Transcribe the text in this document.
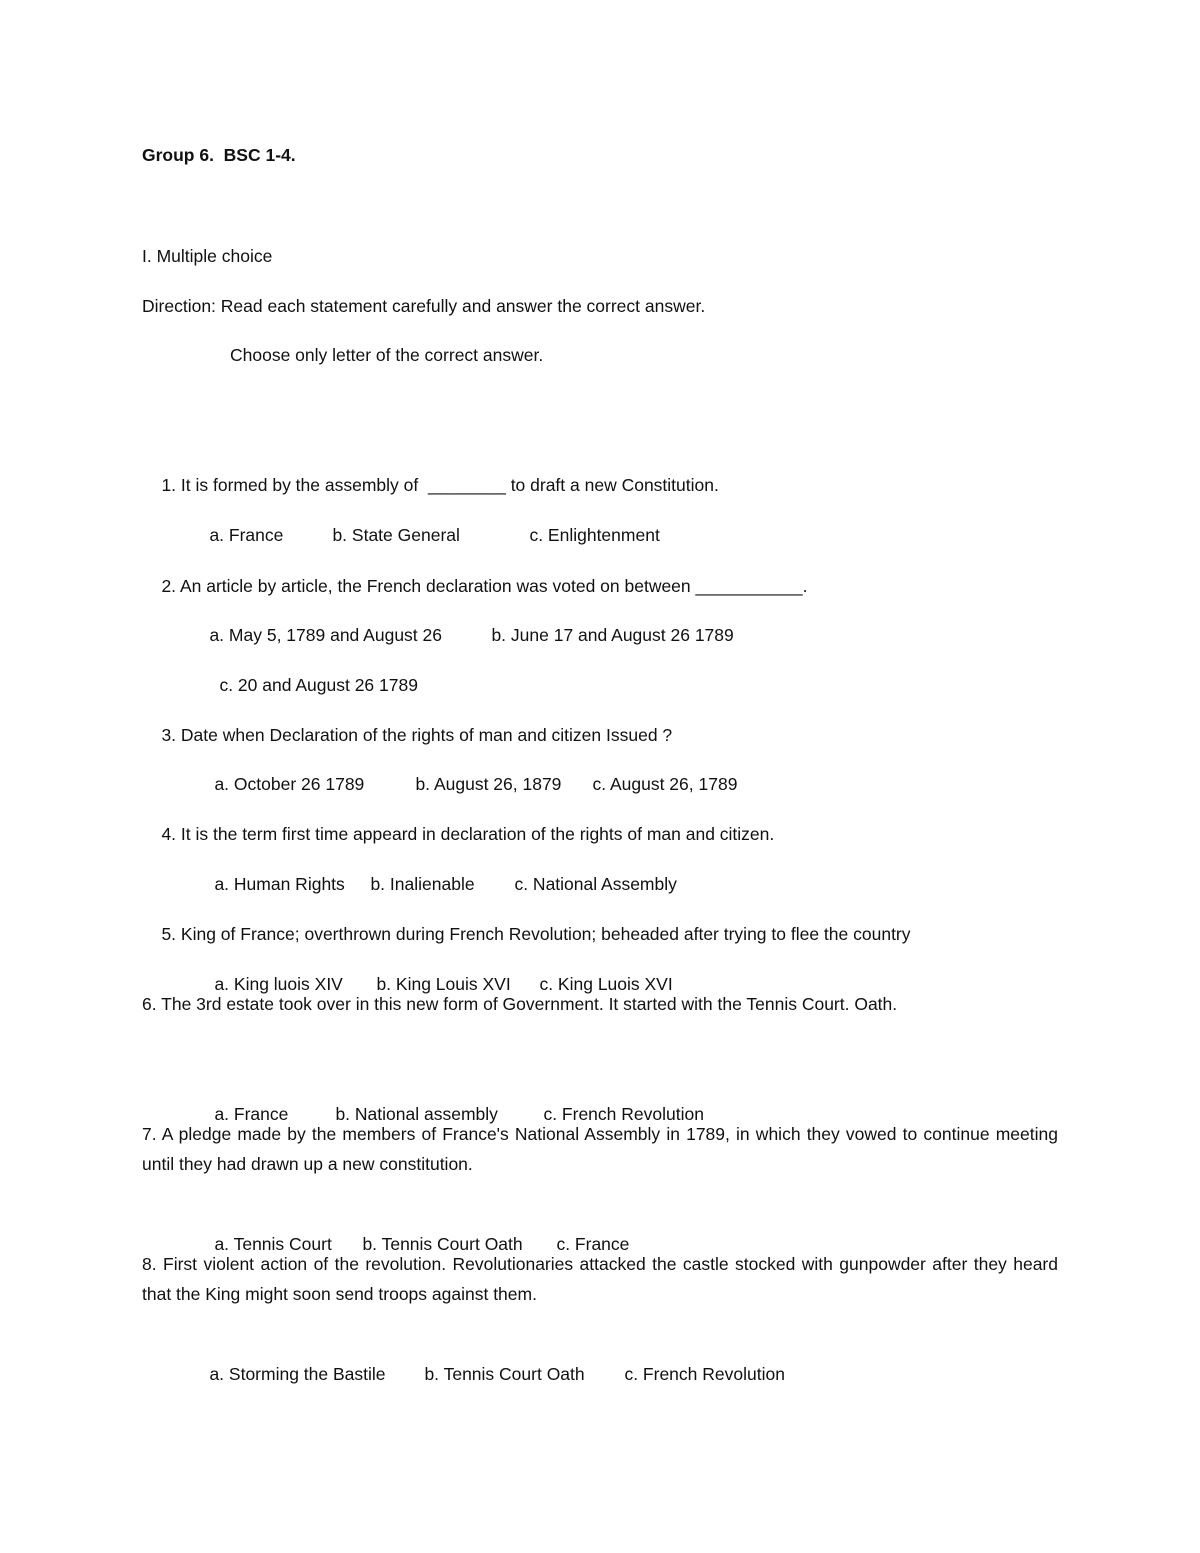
Group 6.  BSC 1-4.
I. Multiple choice
Direction: Read each statement carefully and answer the correct answer.
Choose only letter of the correct answer.

1. It is formed by the assembly of  ________ to draft a new Constitution.

a. France	b. State General	c. Enlightenment

2. An article by article, the French declaration was voted on between ___________.

a. May 5, 1789 and August 26	b. June 17 and August 26 1789

c. 20 and August 26 1789

3. Date when Declaration of the rights of man and citizen Issued ?

a. October 26 1789	b. August 26, 1879 c. August 26, 1789

4. It is the term first time appeard in declaration of the rights of man and citizen.

a. Human Rights b. Inalienable c. National Assembly

5. King of France; overthrown during French Revolution; beheaded after trying to flee the country

a. King luois XIV b. King Louis XVI c. King Luois XVI

6. The 3rd estate took over in this new form of Government. It started with the Tennis Court. Oath.

a. France	b. National assembly	c. French Revolution

7. A pledge made by the members of France's National Assembly in 1789, in which they vowed to continue meeting until they had drawn up a new constitution.

a. Tennis Court b. Tennis Court Oath c. France

8. First violent action of the revolution. Revolutionaries attacked the castle stocked with gunpowder after they heard that the King might soon send troops against them.

a. Storming the Bastile b. Tennis Court Oath c. French Revolution
